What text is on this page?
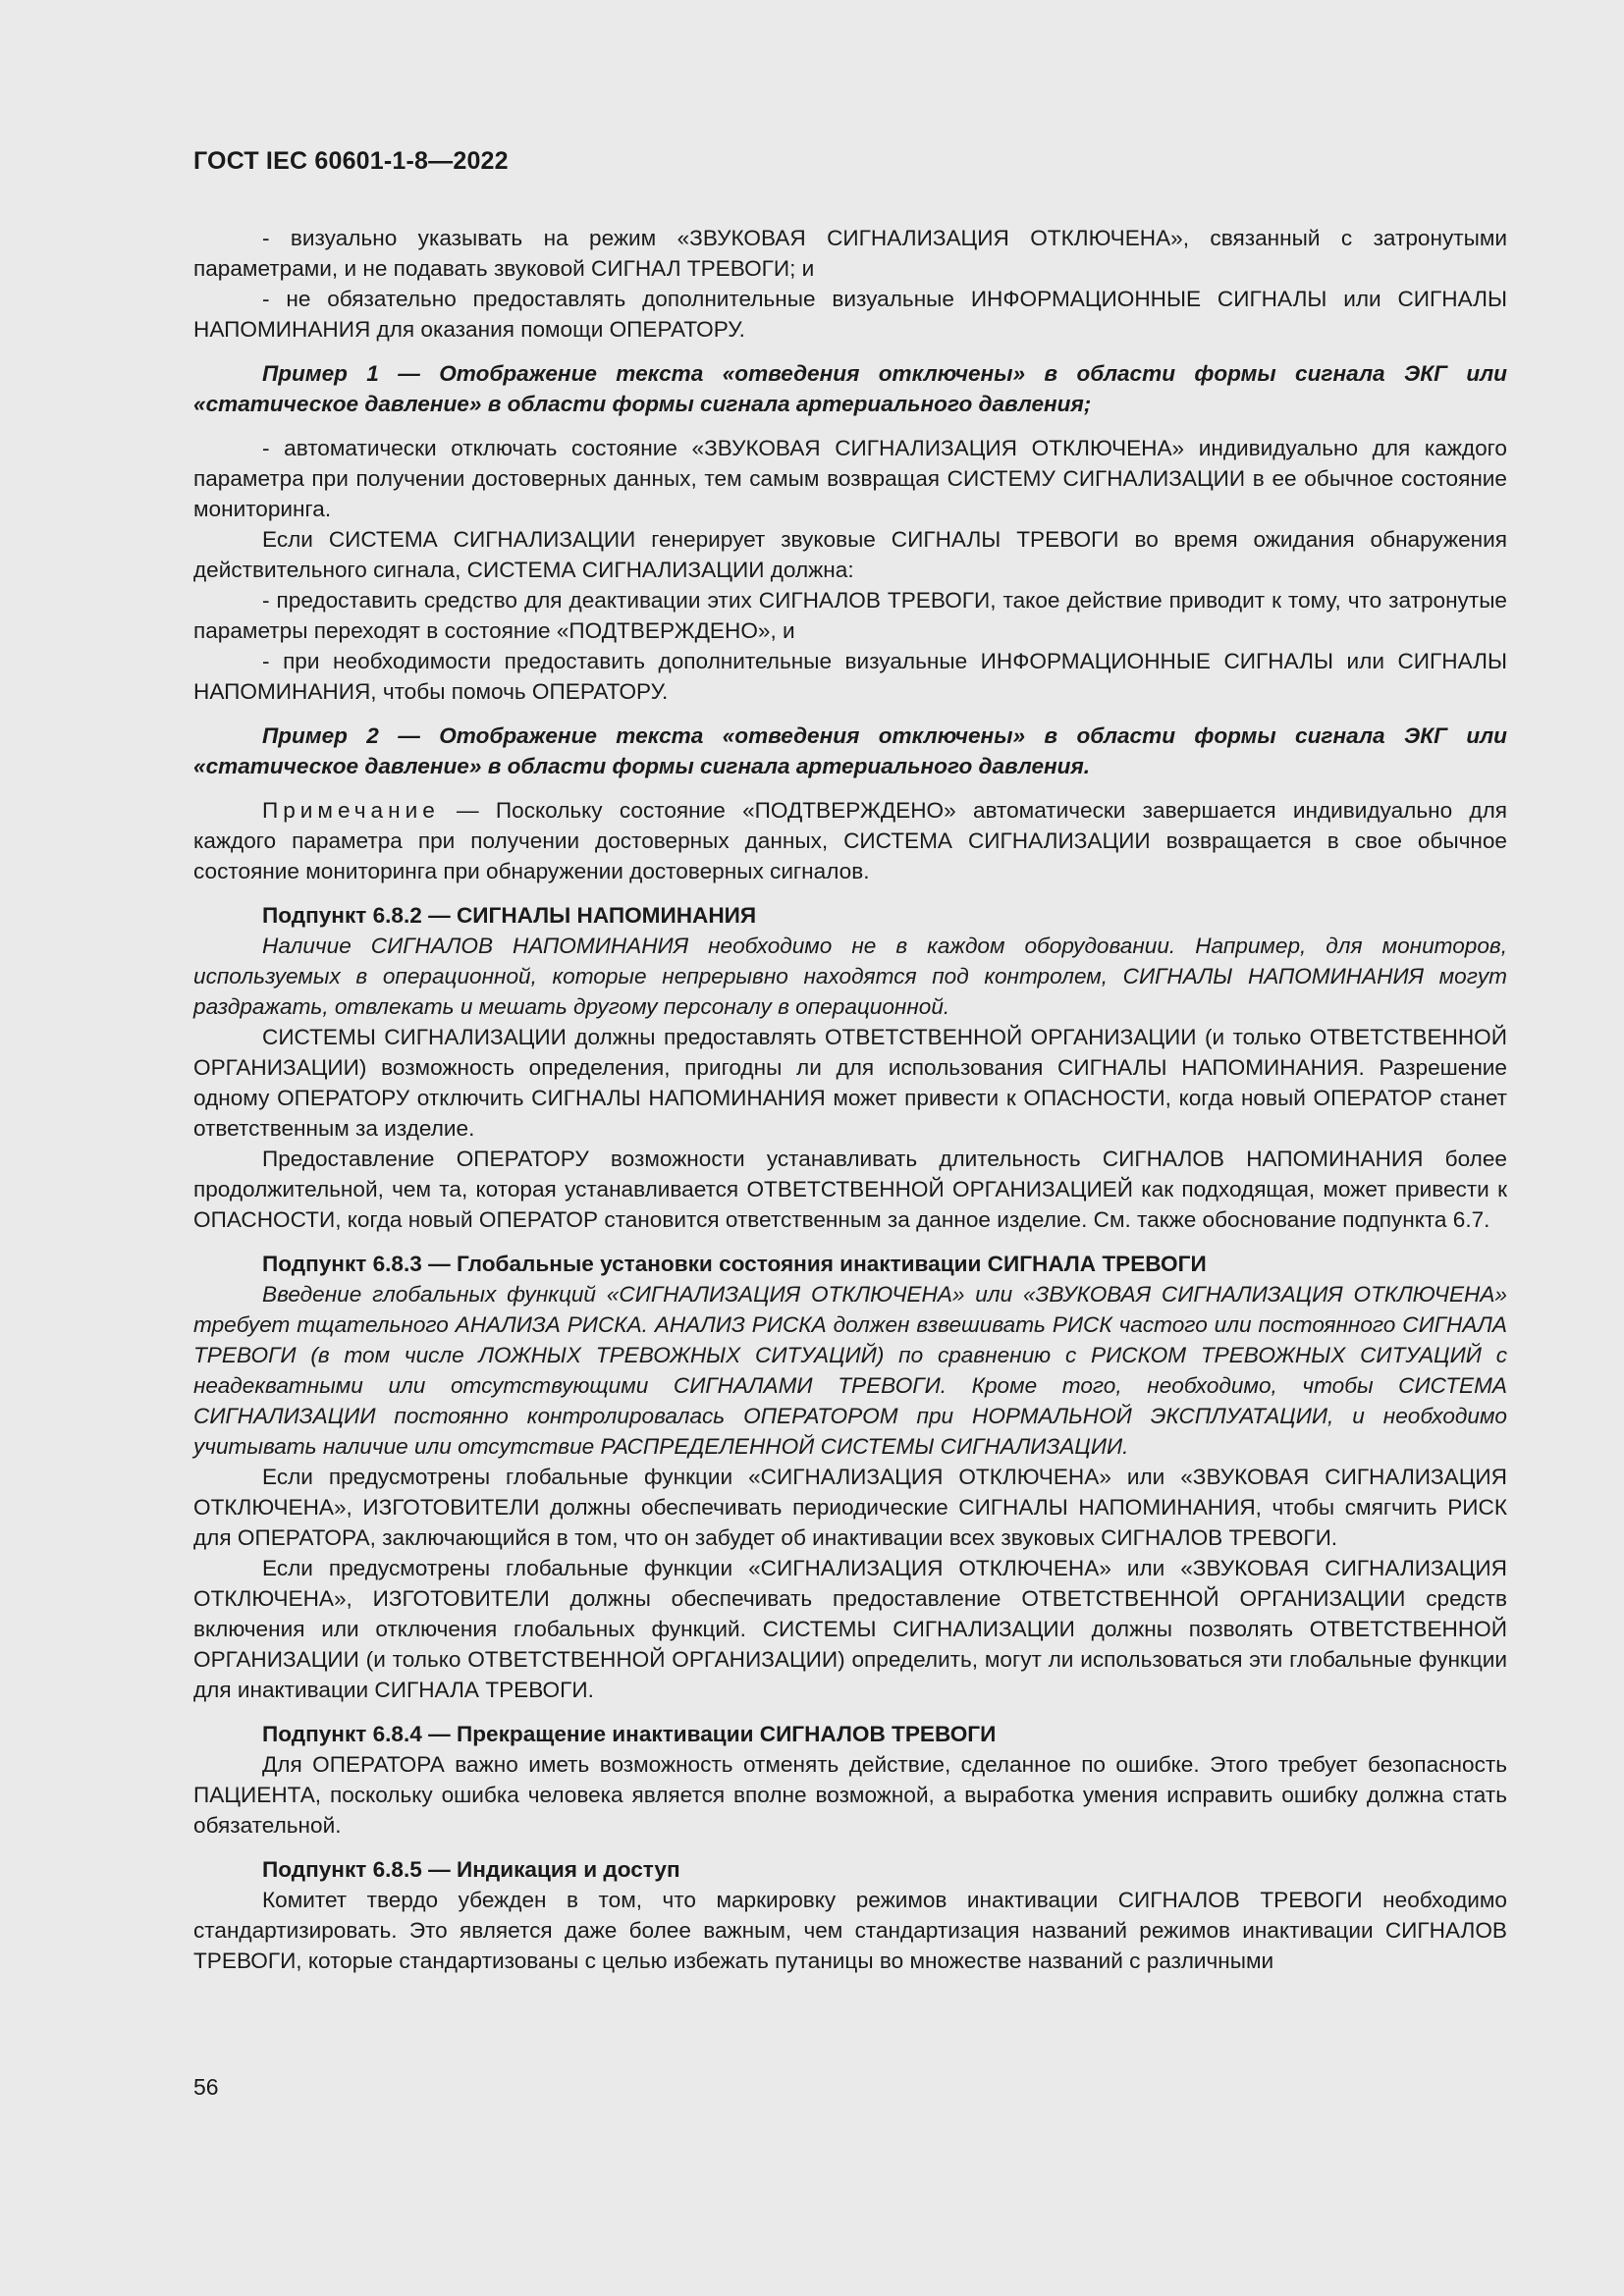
ГОСТ IEC 60601-1-8—2022

- визуально указывать на режим «ЗВУКОВАЯ СИГНАЛИЗАЦИЯ ОТКЛЮЧЕНА», связанный с затронутыми параметрами, и не подавать звуковой СИГНАЛ ТРЕВОГИ; и

- не обязательно предоставлять дополнительные визуальные ИНФОРМАЦИОННЫЕ СИГНАЛЫ или СИГНАЛЫ НАПОМИНАНИЯ для оказания помощи ОПЕРАТОРУ.

Пример 1 — Отображение текста «отведения отключены» в области формы сигнала ЭКГ или «статическое давление» в области формы сигнала артериального давления;

- автоматически отключать состояние «ЗВУКОВАЯ СИГНАЛИЗАЦИЯ ОТКЛЮЧЕНА» индивидуально для каждого параметра при получении достоверных данных, тем самым возвращая СИСТЕМУ СИГНАЛИЗАЦИИ в ее обычное состояние мониторинга.

Если СИСТЕМА СИГНАЛИЗАЦИИ генерирует звуковые СИГНАЛЫ ТРЕВОГИ во время ожидания обнаружения действительного сигнала, СИСТЕМА СИГНАЛИЗАЦИИ должна:

- предоставить средство для деактивации этих СИГНАЛОВ ТРЕВОГИ, такое действие приводит к тому, что затронутые параметры переходят в состояние «ПОДТВЕРЖДЕНО», и

- при необходимости предоставить дополнительные визуальные ИНФОРМАЦИОННЫЕ СИГНАЛЫ или СИГНАЛЫ НАПОМИНАНИЯ, чтобы помочь ОПЕРАТОРУ.

Пример 2 — Отображение текста «отведения отключены» в области формы сигнала ЭКГ или «статическое давление» в области формы сигнала артериального давления.

Примечание — Поскольку состояние «ПОДТВЕРЖДЕНО» автоматически завершается индивидуально для каждого параметра при получении достоверных данных, СИСТЕМА СИГНАЛИЗАЦИИ возвращается в свое обычное состояние мониторинга при обнаружении достоверных сигналов.

Подпункт 6.8.2 — СИГНАЛЫ НАПОМИНАНИЯ

Наличие СИГНАЛОВ НАПОМИНАНИЯ необходимо не в каждом оборудовании. Например, для мониторов, используемых в операционной, которые непрерывно находятся под контролем, СИГНАЛЫ НАПОМИНАНИЯ могут раздражать, отвлекать и мешать другому персоналу в операционной.

СИСТЕМЫ СИГНАЛИЗАЦИИ должны предоставлять ОТВЕТСТВЕННОЙ ОРГАНИЗАЦИИ (и только ОТВЕТСТВЕННОЙ ОРГАНИЗАЦИИ) возможность определения, пригодны ли для использования СИГНАЛЫ НАПОМИНАНИЯ. Разрешение одному ОПЕРАТОРУ отключить СИГНАЛЫ НАПОМИНАНИЯ может привести к ОПАСНОСТИ, когда новый ОПЕРАТОР станет ответственным за изделие.

Предоставление ОПЕРАТОРУ возможности устанавливать длительность СИГНАЛОВ НАПОМИНАНИЯ более продолжительной, чем та, которая устанавливается ОТВЕТСТВЕННОЙ ОРГАНИЗАЦИЕЙ как подходящая, может привести к ОПАСНОСТИ, когда новый ОПЕРАТОР становится ответственным за данное изделие. См. также обоснование подпункта 6.7.

Подпункт 6.8.3 — Глобальные установки состояния инактивации СИГНАЛА ТРЕВОГИ

Введение глобальных функций «СИГНАЛИЗАЦИЯ ОТКЛЮЧЕНА» или «ЗВУКОВАЯ СИГНАЛИЗАЦИЯ ОТКЛЮЧЕНА» требует тщательного АНАЛИЗА РИСКА. АНАЛИЗ РИСКА должен взвешивать РИСК частого или постоянного СИГНАЛА ТРЕВОГИ (в том числе ЛОЖНЫХ ТРЕВОЖНЫХ СИТУАЦИЙ) по сравнению с РИСКОМ ТРЕВОЖНЫХ СИТУАЦИЙ с неадекватными или отсутствующими СИГНАЛАМИ ТРЕВОГИ. Кроме того, необходимо, чтобы СИСТЕМА СИГНАЛИЗАЦИИ постоянно контролировалась ОПЕРАТОРОМ при НОРМАЛЬНОЙ ЭКСПЛУАТАЦИИ, и необходимо учитывать наличие или отсутствие РАСПРЕДЕЛЕННОЙ СИСТЕМЫ СИГНАЛИЗАЦИИ.

Если предусмотрены глобальные функции «СИГНАЛИЗАЦИЯ ОТКЛЮЧЕНА» или «ЗВУКОВАЯ СИГНАЛИЗАЦИЯ ОТКЛЮЧЕНА», ИЗГОТОВИТЕЛИ должны обеспечивать периодические СИГНАЛЫ НАПОМИНАНИЯ, чтобы смягчить РИСК для ОПЕРАТОРА, заключающийся в том, что он забудет об инактивации всех звуковых СИГНАЛОВ ТРЕВОГИ.

Если предусмотрены глобальные функции «СИГНАЛИЗАЦИЯ ОТКЛЮЧЕНА» или «ЗВУКОВАЯ СИГНАЛИЗАЦИЯ ОТКЛЮЧЕНА», ИЗГОТОВИТЕЛИ должны обеспечивать предоставление ОТВЕТСТВЕННОЙ ОРГАНИЗАЦИИ средств включения или отключения глобальных функций. СИСТЕМЫ СИГНАЛИЗАЦИИ должны позволять ОТВЕТСТВЕННОЙ ОРГАНИЗАЦИИ (и только ОТВЕТСТВЕННОЙ ОРГАНИЗАЦИИ) определить, могут ли использоваться эти глобальные функции для инактивации СИГНАЛА ТРЕВОГИ.

Подпункт 6.8.4 — Прекращение инактивации СИГНАЛОВ ТРЕВОГИ

Для ОПЕРАТОРА важно иметь возможность отменять действие, сделанное по ошибке. Этого требует безопасность ПАЦИЕНТА, поскольку ошибка человека является вполне возможной, а выработка умения исправить ошибку должна стать обязательной.

Подпункт 6.8.5 — Индикация и доступ

Комитет твердо убежден в том, что маркировку режимов инактивации СИГНАЛОВ ТРЕВОГИ необходимо стандартизировать. Это является даже более важным, чем стандартизация названий режимов инактивации СИГНАЛОВ ТРЕВОГИ, которые стандартизованы с целью избежать путаницы во множестве названий с различными

56
